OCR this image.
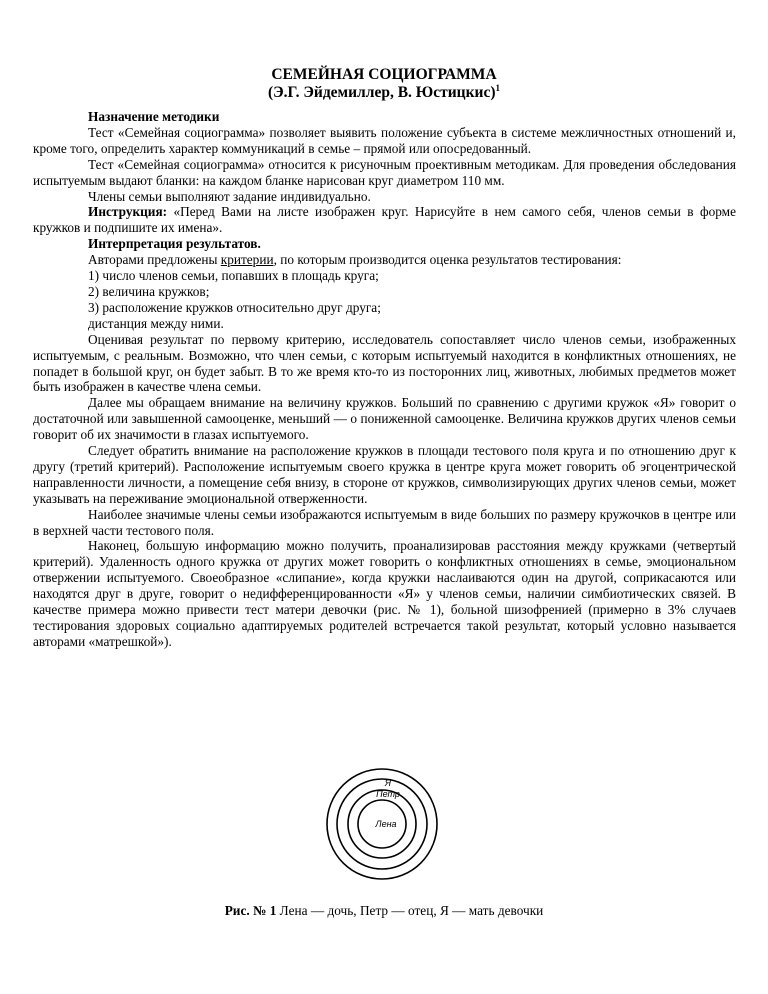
СЕМЕЙНАЯ СОЦИОГРАММА
(Э.Г. Эйдемиллер, В. Юстицкис)$^1$

Назначение методики

Тест «Семейная социограмма» позволяет выявить положение субъекта в системе межличностных отношений и, кроме того, определить характер коммуникаций в семье – прямой или опосредованный.

Тест «Семейная социограмма» относится к рисуночным проективным методикам. Для проведения обследования испытуемым выдают бланки: на каждом бланке нарисован круг диаметром 110 мм.

Члены семьи выполняют задание индивидуально.

Инструкция: «Перед Вами на листе изображен круг. Нарисуйте в нем самого себя, членов семьи в форме кружков и подпишите их имена».

Интерпретация результатов.

Авторами предложены критерии, по которым производится оценка результатов тестирования:

1) число членов семьи, попавших в площадь круга;

2) величина кружков;

3) расположение кружков относительно друг друга;

дистанция между ними.

Оценивая результат по первому критерию, исследователь сопоставляет число членов семьи, изображенных испытуемым, с реальным. Возможно, что член семьи, с которым испытуемый находится в конфликтных отношениях, не попадет в большой круг, он будет забыт. В то же время кто-то из посторонних лиц, животных, любимых предметов может быть изображен в качестве члена семьи.

Далее мы обращаем внимание на величину кружков. Больший по сравнению с другими кружок «Я» говорит о достаточной или завышенной самооценке, меньший — о пониженной самооценке. Величина кружков других членов семьи говорит об их значимости в глазах испытуемого.

Следует обратить внимание на расположение кружков в площади тестового поля круга и по отношению друг к другу (третий критерий). Расположение испытуемым своего кружка в центре круга может говорить об эгоцентрической направленности личности, а помещение себя внизу, в стороне от кружков, символизирующих других членов семьи, может указывать на переживание эмоциональной отверженности.

Наиболее значимые члены семьи изображаются испытуемым в виде больших по размеру кружочков в центре или в верхней части тестового поля.

Наконец, большую информацию можно получить, проанализировав расстояния между кружками (четвертый критерий). Удаленность одного кружка от других может говорить о конфликтных отношениях в семье, эмоциональном отвержении испытуемого. Своеобразное «слипание», когда кружки наслаиваются один на другой, соприкасаются или находятся друг в друге, говорит о недифференцированности «Я» у членов семьи, наличии симбиотических связей. В качестве примера можно привести тест матери девочки (рис. № 1), больной шизофренией (примерно в 3% случаев тестирования здоровых социально адаптируемых родителей встречается такой результат, который условно называется авторами «матрешкой»).

Я
Петр
Лена
Рис. № 1 Лена — дочь, Петр — отец, Я — мать девочки
